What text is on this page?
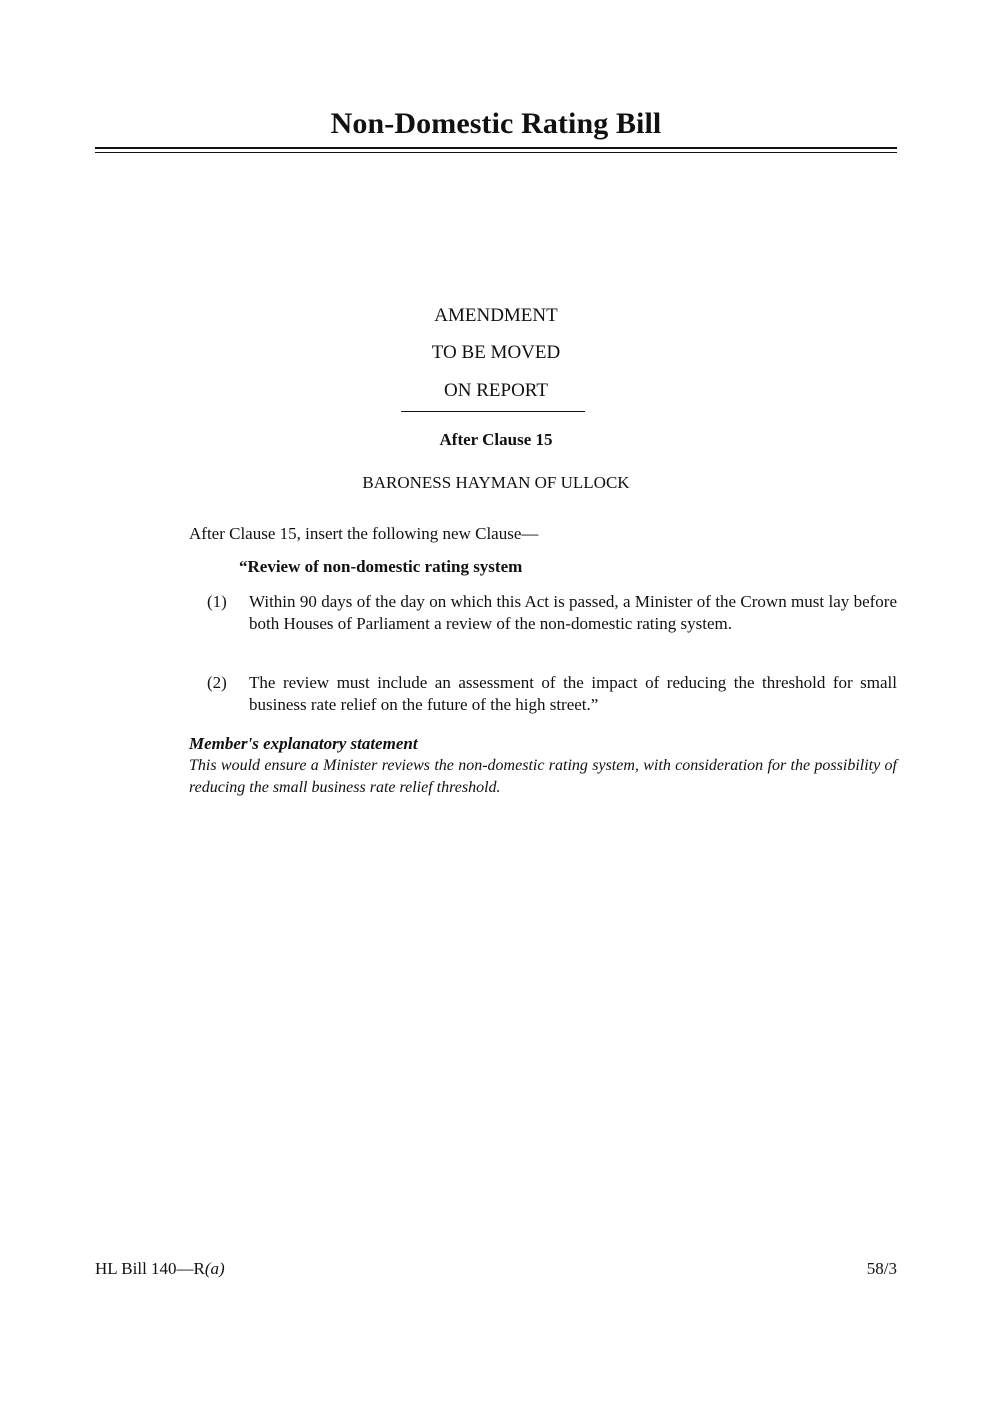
Non-Domestic Rating Bill
AMENDMENT
TO BE MOVED
ON REPORT
After Clause 15
BARONESS HAYMAN OF ULLOCK
After Clause 15, insert the following new Clause—
“Review of non-domestic rating system
(1) Within 90 days of the day on which this Act is passed, a Minister of the Crown must lay before both Houses of Parliament a review of the non-domestic rating system.
(2) The review must include an assessment of the impact of reducing the threshold for small business rate relief on the future of the high street.”
Member's explanatory statement
This would ensure a Minister reviews the non-domestic rating system, with consideration for the possibility of reducing the small business rate relief threshold.
HL Bill 140—R(a)	58/3
